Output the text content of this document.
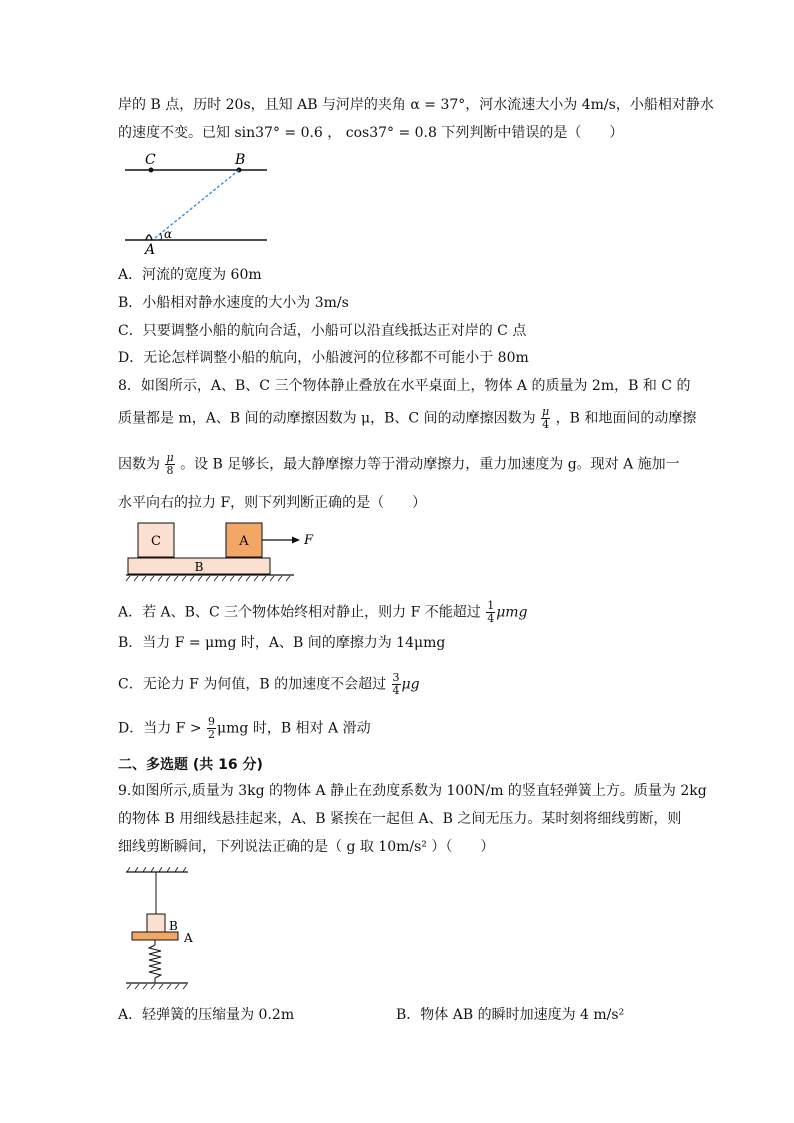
岸的 B 点，历时 20s，且知 AB 与河岸的夹角 α = 37°，河水流速大小为 4m/s，小船相对静水
的速度不变。已知 sin37° = 0.6 ， cos37° = 0.8 下列判断中错误的是（　　）
C	B
A
α
A．河流的宽度为 60m
B．小船相对静水速度的大小为 3m/s
C．只要调整小船的航向合适，小船可以沿直线抵达正对岸的 C 点
D．无论怎样调整小船的航向，小船渡河的位移都不可能小于 80m
8．如图所示，A、B、C 三个物体静止叠放在水平桌面上，物体 A 的质量为 2m，B 和 C 的
质量都是 m，A、B 间的动摩擦因数为 μ，B、C 间的动摩擦因数为 $\frac{\mu}{4}$ ，B 和地面间的动摩擦
因数为 $\frac{\mu}{8}$ 。设 B 足够长，最大静摩擦力等于滑动摩擦力，重力加速度为 g。现对 A 施加一
水平向右的拉力 F，则下列判断正确的是（　　）
C	A
B
F
A．若 A、B、C 三个物体始终相对静止，则力 F 不能超过 $\frac{1}{4}$ μmg
B．当力 F = μmg 时，A、B 间的摩擦力为 14μmg
C．无论力 F 为何值，B 的加速度不会超过 $\frac{3}{4}$ μg
D．当力 $F > \frac{9}{2}$ μmg 时，B 相对 A 滑动
二、多选题 (共 16 分)
9.如图所示,质量为 3kg 的物体 A 静止在劲度系数为 100N/m 的竖直轻弹簧上方。质量为 2kg
的物体 B 用细线悬挂起来，A、B 紧挨在一起但 A、B 之间无压力。某时刻将细线剪断，则
细线剪断瞬间，下列说法正确的是（ g 取 10m/s² ）（　　）
B
A
A．轻弹簧的压缩量为 0.2m	B．物体 AB 的瞬时加速度为 4 m/s²
